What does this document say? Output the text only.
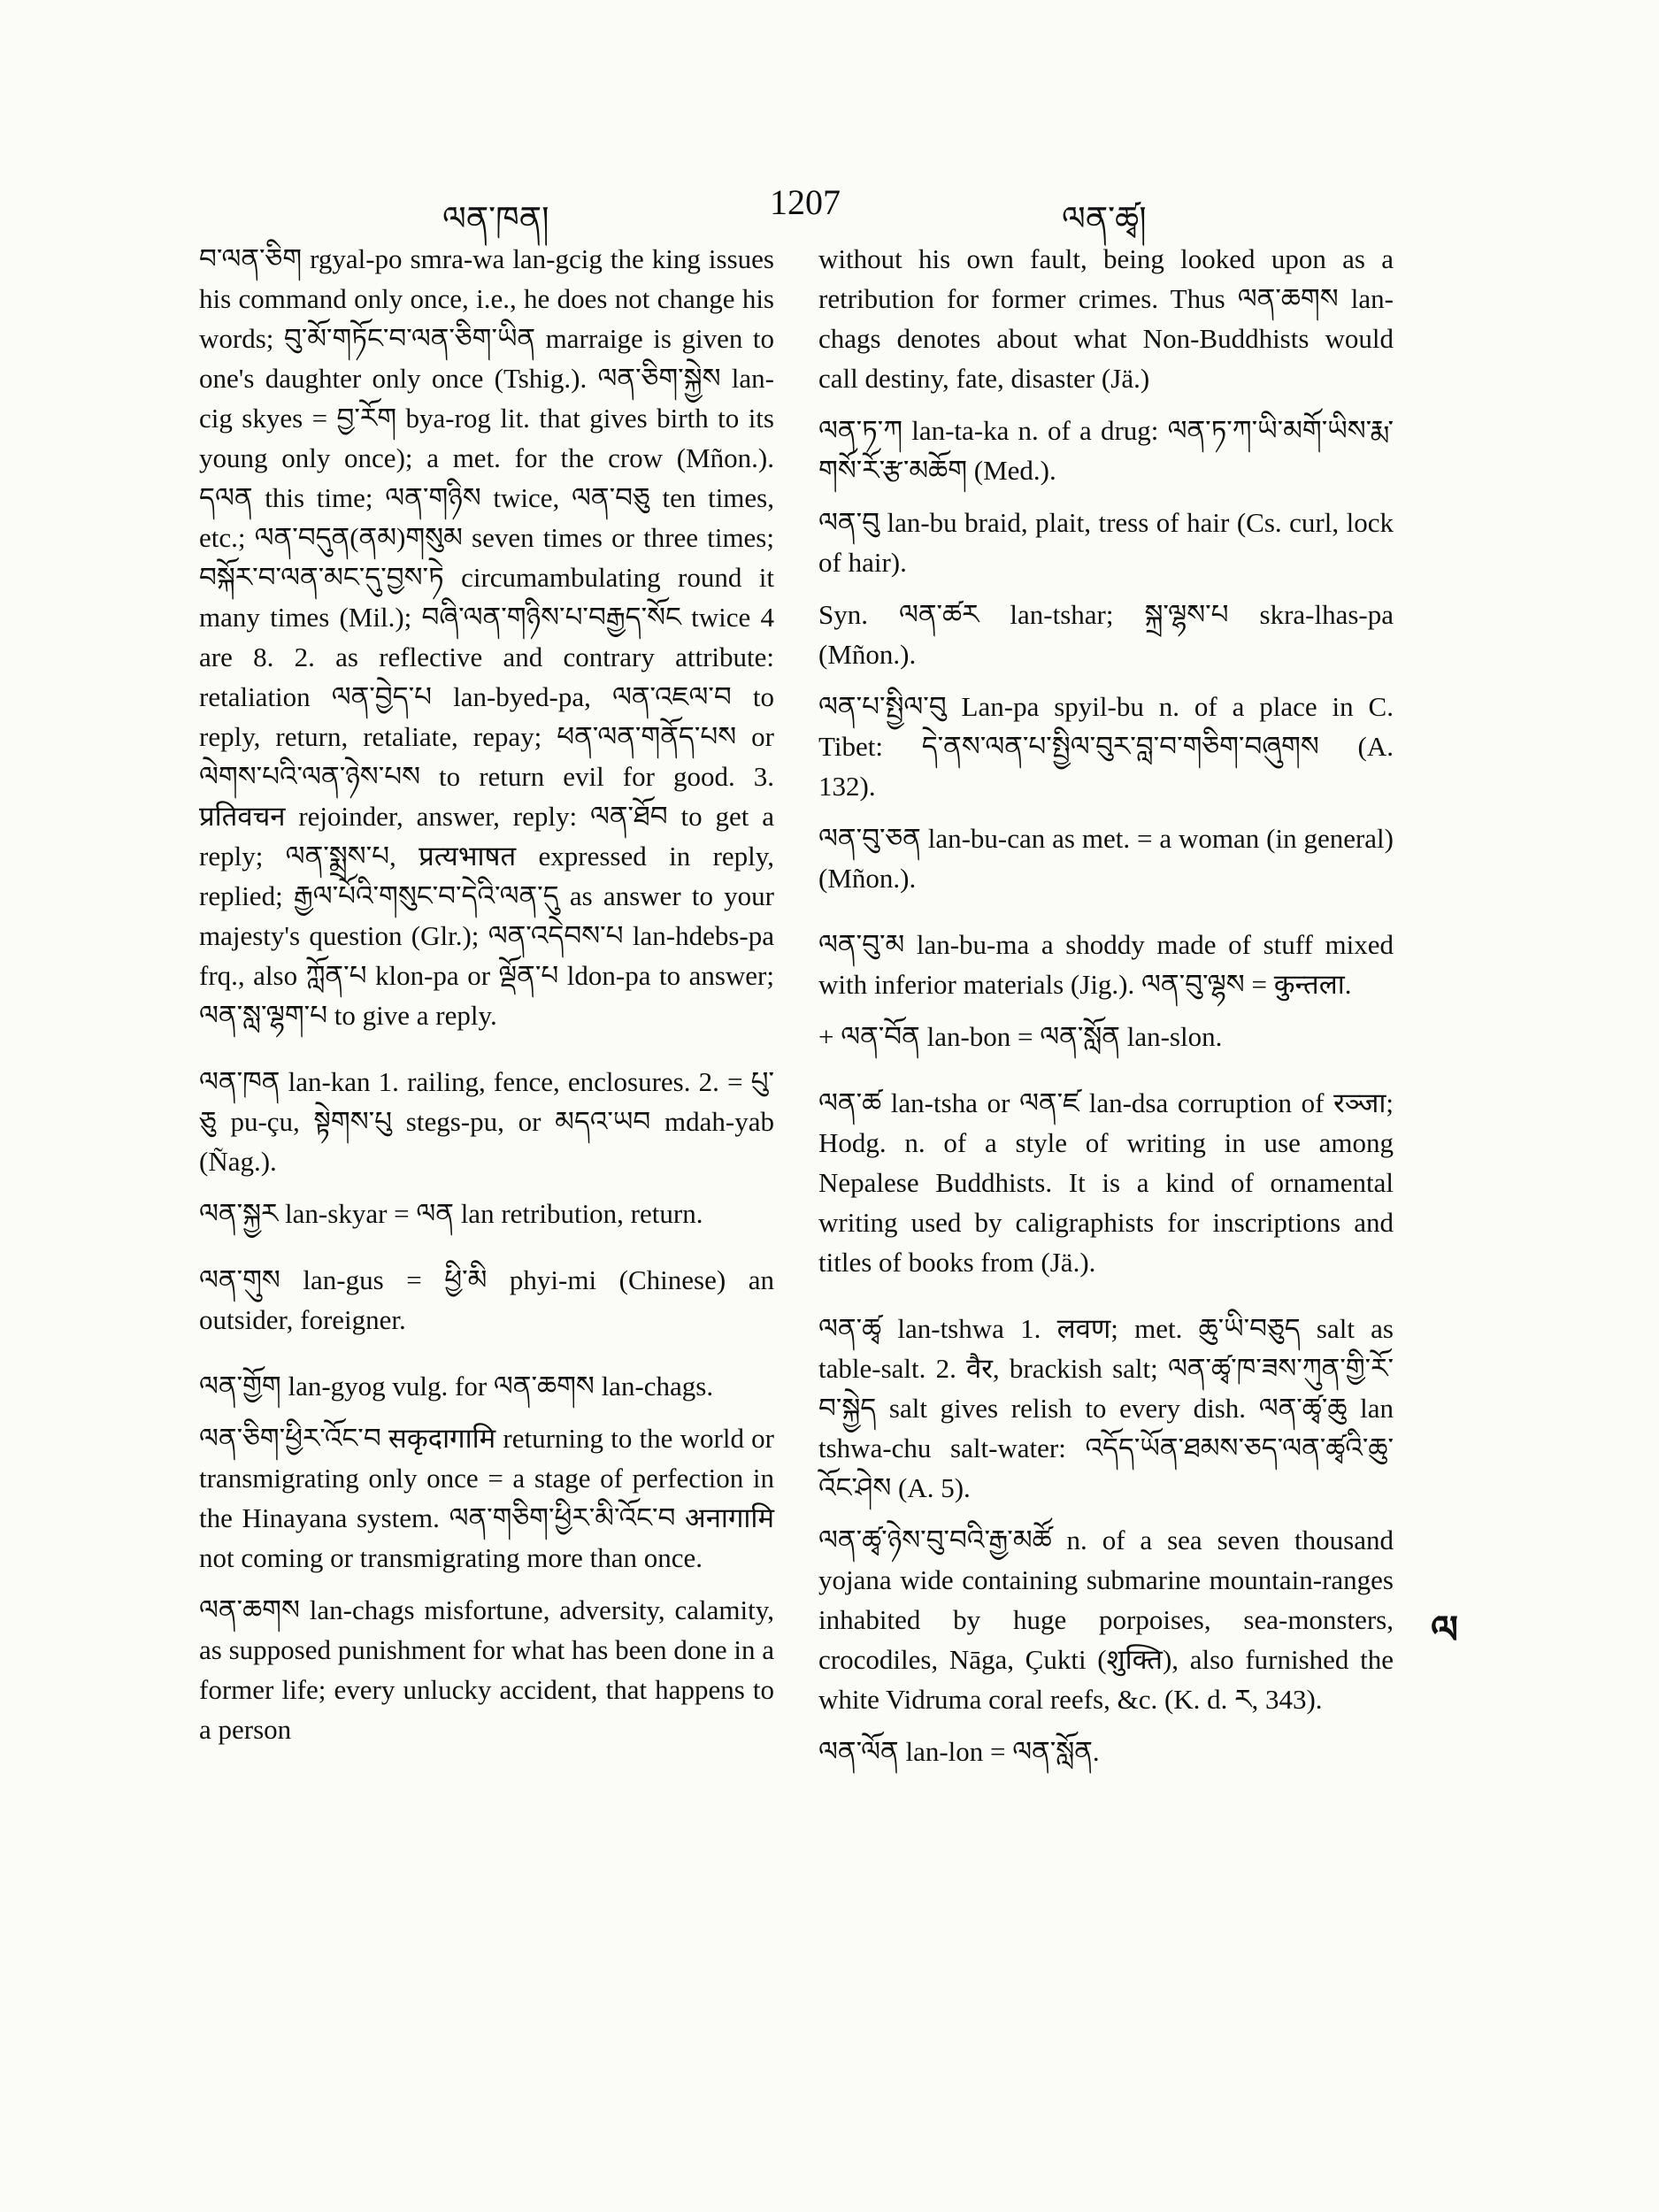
ལན་ཁན།	1207	ལན་ཚྭ།

བ་ལན་ཅིག rgyal-po smra-wa lan-gcig the king issues his command only once, i.e., he does not change his words; བུ་མོ་གཏོང་བ་ལན་ཅིག་ཡིན marraige is given to one's daughter only once (Tshig.). ལན་ཅིག་སྐྱེས lan-cig skyes = བྱ་རོག bya-rog lit. that gives birth to its young only once); a met. for the crow (Mñon.). དལན this time; ལན་གཉིས twice, ལན་བཅུ ten times, etc.; ལན་བདུན(ནམ)གསུམ seven times or three times; བསྐོར་བ་ལན་མང་དུ་བྱས་ཏེ circumambulating round it many times (Mil.); བཞི་ལན་གཉིས་པ་བརྒྱད་སོང twice 4 are 8. 2. as reflective and contrary attribute: retaliation ལན་བྱེད་པ lan-byed-pa, ལན་འཇལ་བ to reply, return, retaliate, repay; ཕན་ལན་གནོད་པས or ལེགས་པའི་ལན་ཉེས་པས to return evil for good. 3. प्रतिवचन rejoinder, answer, reply: ལན་ཐོབ to get a reply; ལན་སྨྲས་པ, प्रत्यभाषत expressed in reply, replied; རྒྱལ་པོའི་གསུང་བ་དེའི་ལན་དུ as answer to your majesty's question (Glr.); ལན་འདེབས་པ lan-hdebs-pa frq., also ཀློན་པ klon-pa or ལྡོན་པ ldon-pa to answer; ལན་སླ་ལྷག་པ to give a reply.

ལན་ཁན lan-kan 1. railing, fence, enclosures. 2. = པུ་ཅུ pu-çu, སྟེགས་པུ stegs-pu, or མདའ་ཡབ mdah-yab (Ñag.).

ལན་སྐྱར lan-skyar = ལན lan retribution, return.

ལན་གུས lan-gus = ཕྱི་མི phyi-mi (Chinese) an outsider, foreigner.

ལན་གྱོག lan-gyog vulg. for ལན་ཆགས lan-chags.

ལན་ཅིག་ཕྱིར་འོང་བ सकृदागामि returning to the world or transmigrating only once = a stage of perfection in the Hinayana system. ལན་གཅིག་ཕྱིར་མི་འོང་བ अनागामि not coming or transmigrating more than once.

ལན་ཆགས lan-chags misfortune, adversity, calamity, as supposed punishment for what has been done in a former life; every unlucky accident, that happens to a person

without his own fault, being looked upon as a retribution for former crimes. Thus ལན་ཆགས lan-chags denotes about what Non-Buddhists would call destiny, fate, disaster (Jä.)

ལན་ཏ་ཀ lan-ta-ka n. of a drug: ལན་ཏ་ཀ་ཡི་མགོ་ཡིས་རྨ་གསོ་རོ་རྩ་མཆོག (Med.).

ལན་བུ lan-bu braid, plait, tress of hair (Cs. curl, lock of hair).

Syn. ལན་ཚར lan-tshar; སྐྲ་ལྷས་པ skra-lhas-pa (Mñon.).

ལན་པ་སྤྱིལ་བུ Lan-pa spyil-bu n. of a place in C. Tibet: དེ་ནས་ལན་པ་སྤྱིལ་བུར་བླ་བ་གཅིག་བཞུགས (A. 132).

ལན་བུ་ཅན lan-bu-can as met. = a woman (in general) (Mñon.).

ལན་བུ་མ lan-bu-ma a shoddy made of stuff mixed with inferior materials (Jig.). ལན་བུ་ལྷས = कुन्तला.

+ ལན་བོན lan-bon = ལན་སློན lan-slon.

ལན་ཚ lan-tsha or ལན་ཛ lan-dsa corruption of रञ्जा; Hodg. n. of a style of writing in use among Nepalese Buddhists. It is a kind of ornamental writing used by caligraphists for inscriptions and titles of books from (Jä.).

ལན་ཚྭ lan-tshwa 1. लवण; met. ཆུ་ཡི་བཅུད salt as table-salt. 2. वैर, brackish salt; ལན་ཚྭ་ཁ་ཟས་ཀུན་གྱི་རོ་བ་སྐྱེད salt gives relish to every dish. ལན་ཚྭ་ཆུ lan tshwa-chu salt-water: འདོད་ཡོན་ཐམས་ཅད་ལན་ཚྭའི་ཆུ་འོང་ཤེས (A. 5).

ལན་ཚྭ་ཉེས་བུ་བའི་རྒྱ་མཚོ n. of a sea seven thousand yojana wide containing submarine mountain-ranges inhabited by huge porpoises, sea-monsters, crocodiles, Nāga, Çukti (शुक्ति), also furnished the white Vidruma coral reefs, &c. (K. d. ར, 343).

ལན་ལོན lan-lon = ལན་སློན.

ལ
